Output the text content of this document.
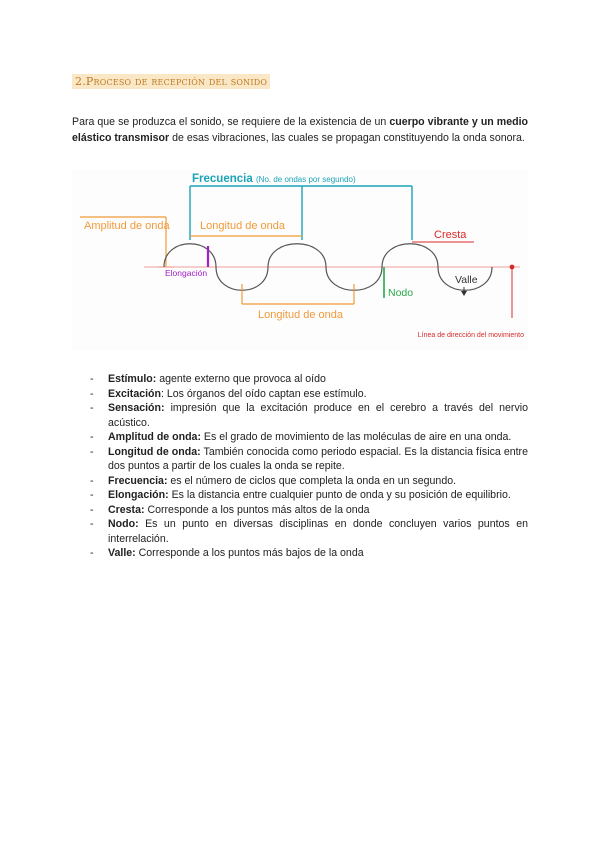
2.Proceso de recepción del sonido

Para que se produzca el sonido, se requiere de la existencia de un cuerpo vibrante y un medio elástico transmisor de esas vibraciones, las cuales se propagan constituyendo la onda sonora.

Frecuencia (No. de ondas por segundo)
Amplitud de onda	Longitud de onda
Elongación
Cresta
Valle
Nodo
Longitud de onda
Línea de dirección del movimiento
- Estímulo: agente externo que provoca al oído
- Excitación: Los órganos del oído captan ese estímulo.
- Sensación: impresión que la excitación produce en el cerebro a través del nervio acústico.
- Amplitud de onda: Es el grado de movimiento de las moléculas de aire en una onda.
- Longitud de onda: También conocida como periodo espacial. Es la distancia física entre dos puntos a partir de los cuales la onda se repite.
- Frecuencia: es el número de ciclos que completa la onda en un segundo.
- Elongación: Es la distancia entre cualquier punto de onda y su posición de equilibrio.
- Cresta: Corresponde a los puntos más altos de la onda
- Nodo: Es un punto en diversas disciplinas en donde concluyen varios puntos en interrelación.
- Valle: Corresponde a los puntos más bajos de la onda
